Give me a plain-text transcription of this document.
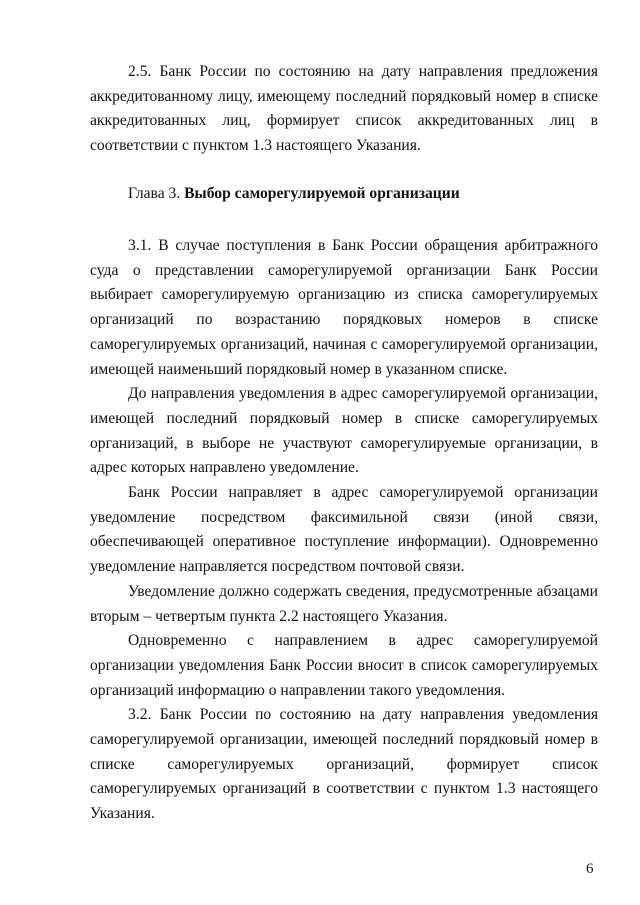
2.5. Банк России по состоянию на дату направления предложения аккредитованному лицу, имеющему последний порядковый номер в списке аккредитованных лиц, формирует список аккредитованных лиц в соответствии с пунктом 1.3 настоящего Указания.

Глава 3. Выбор саморегулируемой организации

3.1. В случае поступления в Банк России обращения арбитражного суда о представлении саморегулируемой организации Банк России выбирает саморегулируемую организацию из списка саморегулируемых организаций по возрастанию порядковых номеров в списке саморегулируемых организаций, начиная с саморегулируемой организации, имеющей наименьший порядковый номер в указанном списке.

До направления уведомления в адрес саморегулируемой организации, имеющей последний порядковый номер в списке саморегулируемых организаций, в выборе не участвуют саморегулируемые организации, в адрес которых направлено уведомление.

Банк России направляет в адрес саморегулируемой организации уведомление посредством факсимильной связи (иной связи, обеспечивающей оперативное поступление информации). Одновременно уведомление направляется посредством почтовой связи.

Уведомление должно содержать сведения, предусмотренные абзацами вторым – четвертым пункта 2.2 настоящего Указания.

Одновременно с направлением в адрес саморегулируемой организации уведомления Банк России вносит в список саморегулируемых организаций информацию о направлении такого уведомления.

3.2. Банк России по состоянию на дату направления уведомления саморегулируемой организации, имеющей последний порядковый номер в списке саморегулируемых организаций, формирует список саморегулируемых организаций в соответствии с пунктом 1.3 настоящего Указания.

6
